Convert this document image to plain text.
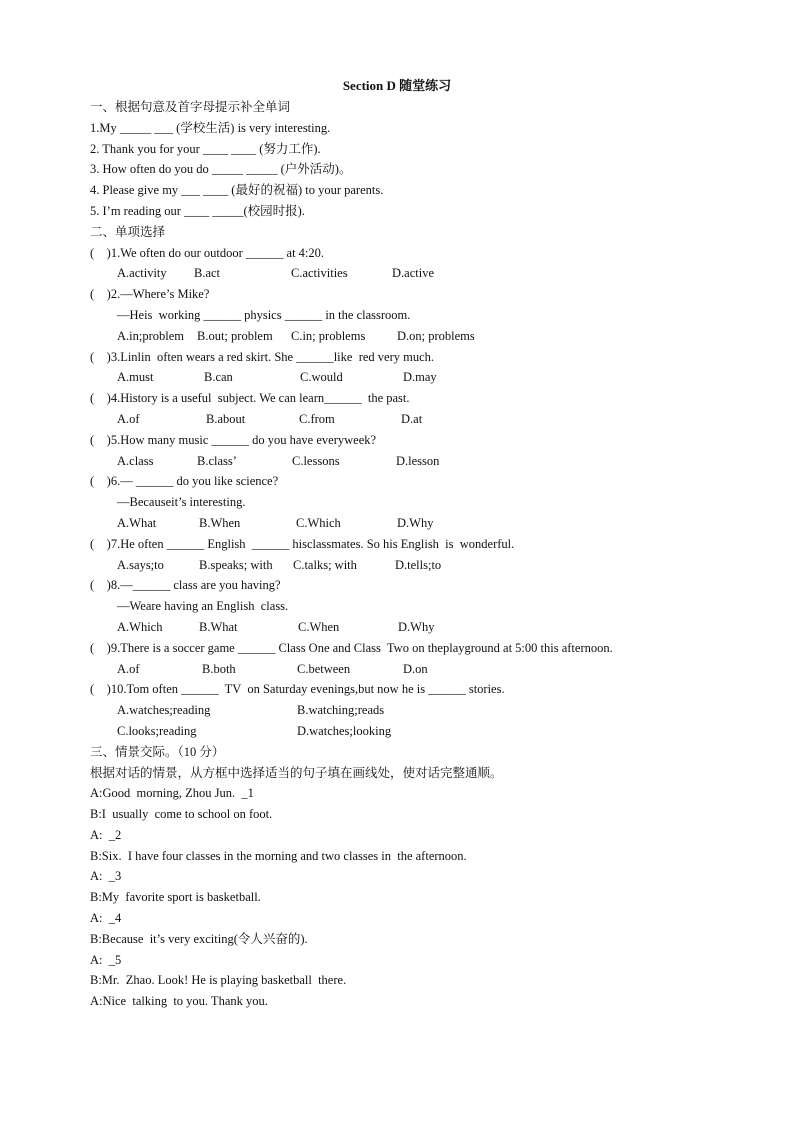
Section D 随堂练习
一、根据句意及首字母提示补全单词
1.My _____ ___ (学校生活) is very interesting.
2. Thank you for your ____ ____ (努力工作).
3. How often do you do _____ _____ (户外活动)。
4. Please give my ___ ____ (最好的祝福) to your parents.
5. I’m reading our ____ _____(校园时报).
二、单项选择
(    )1.We often do our outdoor ______ at 4:20.
A.activity	B.act	C.activities	D.active
(    )2.—Where’s Mike?
—Heis  working ______ physics ______ in the classroom.
A.in;problem	B.out; problem	C.in; problems	D.on; problems
(    )3.Linlin  often wears a red skirt. She ______like  red very much.
A.must	B.can	C.would	D.may
(    )4.History is a useful  subject. We can learn______  the past.
A.of	B.about	C.from	D.at
(    )5.How many music ______ do you have everyweek?
A.class	B.class’	C.lessons	D.lesson
(    )6.— ______ do you like science?
—Becauseit’s interesting.
A.What	B.When	C.Which	D.Why
(    )7.He often ______ English  ______ hisclassmates. So his English  is  wonderful.
A.says;to	B.speaks; with	C.talks; with	D.tells;to
(    )8.—______ class are you having?
—Weare having an English  class.
A.Which	B.What	C.When	D.Why
(    )9.There is a soccer game ______ Class One and Class  Two on theplayground at 5:00 this afternoon.
A.of	B.both	C.between	D.on
(    )10.Tom often ______  TV  on Saturday evenings,but now he is ______ stories.
A.watches;reading	B.watching;reads
C.looks;reading	D.watches;looking
三、情景交际。（10 分）
根据对话的情景，从方框中选择适当的句子填在画线处，使对话完整通顺。
A:Good  morning, Zhou Jun.  _1
B:I  usually  come to school on foot.
A:  _2
B:Six.  I have four classes in the morning and two classes in  the afternoon.
A:  _3
B:My  favorite sport is basketball.
A:  _4
B:Because  it’s very exciting(令人兴奋的).
A:  _5
B:Mr.  Zhao. Look! He is playing basketball  there.
A:Nice  talking  to you. Thank you.
